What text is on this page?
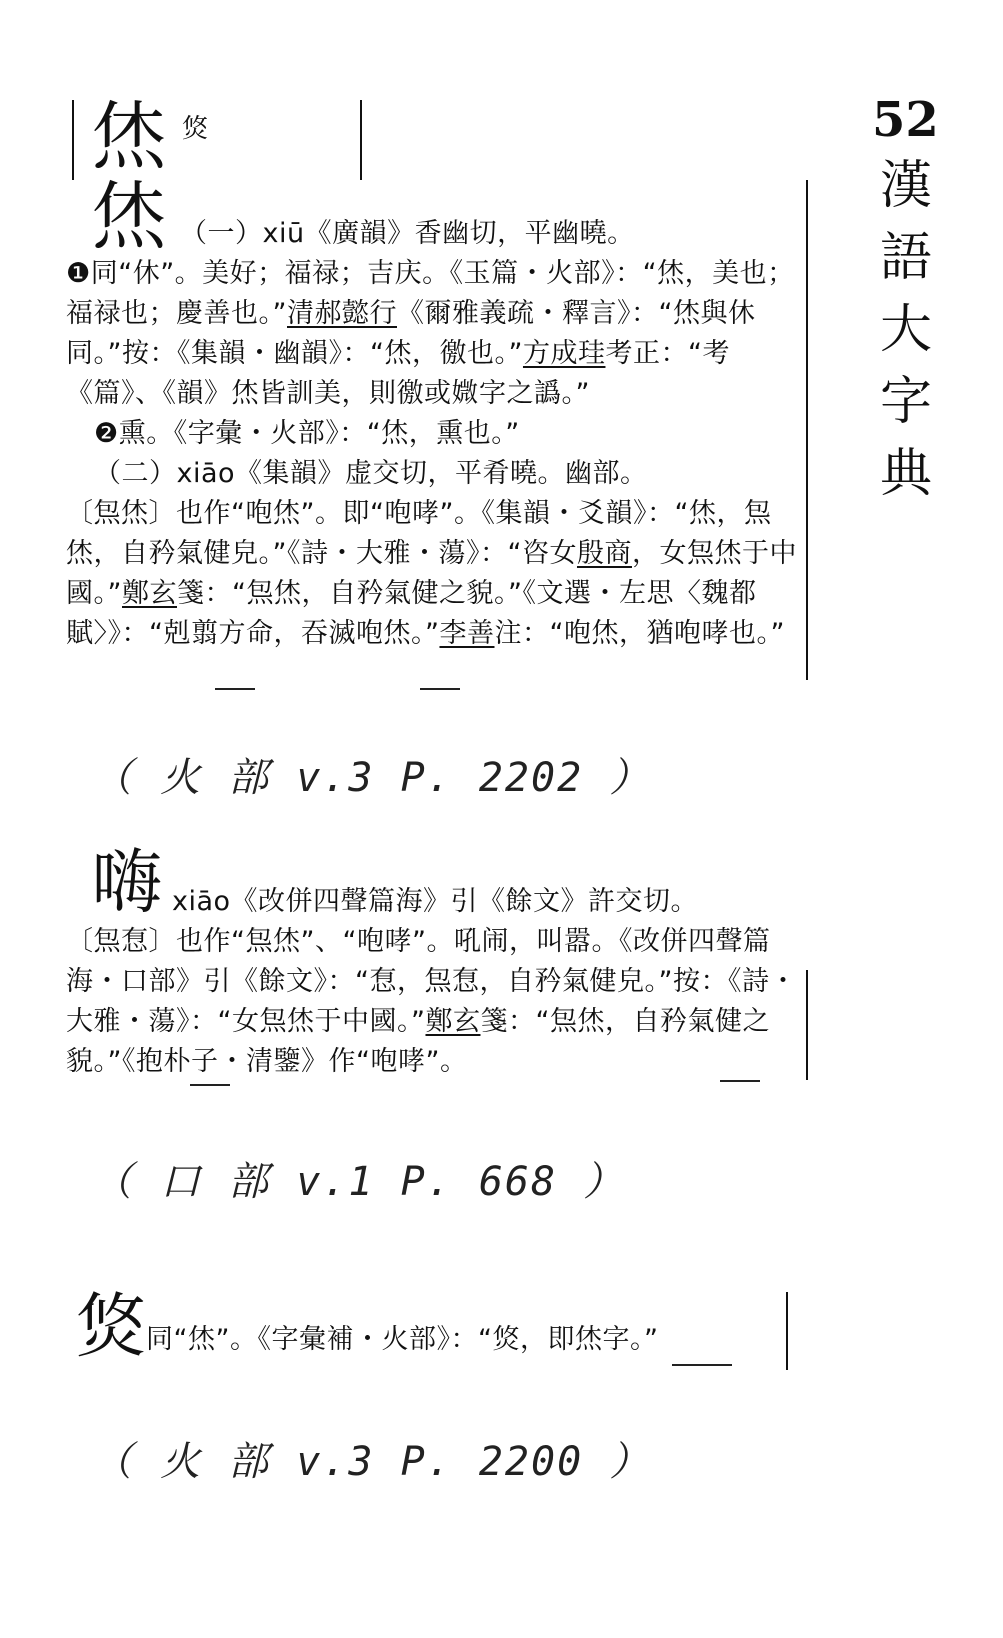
52
漢
語
大
字
典
烋 焂
烋 （一）xiū《廣韻》香幽切，平幽曉。
❶同“休”。美好；福禄；吉庆。《玉篇・火部》：“烋，美也；福禄也；慶善也。”清郝懿行《爾雅義疏・釋言》：“烋與休同。”按：《集韻・幽韻》：“烋，徼也。”方成珪考正：“考《篇》、《韻》烋皆訓美，則徼或媺字之譌。”
❷熏。《字彙・火部》：“烋，熏也。”
（二）xiāo《集韻》虚交切，平肴曉。幽部。
〔炰烋〕也作“咆烋”。即“咆哮”。《集韻・爻韻》：“烋，炰烋，自矜氣健皃。”《詩・大雅・蕩》：“咨女殷商，女炰烋于中國。”鄭玄箋：“炰烋，自矜氣健之貌。”《文選・左思〈魏都賦〉》：“剋翦方命，吞滅咆烋。”李善注：“咆烋，猶咆哮也。”
（ 火 部 v.3 P. 2202 ）
嗨 xiāo《改併四聲篇海》引《餘文》許交切。
〔炰㤫〕也作“炰烋”、“咆哮”。吼闹，叫嚣。《改併四聲篇海・口部》引《餘文》：“㤫，炰㤫，自矜氣健皃。”按：《詩・大雅・蕩》：“女炰烋于中國。”鄭玄箋：“炰烋，自矜氣健之貌。”《抱朴子・清鑒》作“咆哮”。
（ 口 部 v.1 P. 668 ）
焂 同“烋”。《字彙補・火部》：“焂，即烋字。”
（ 火 部 v.3 P. 2200 ）
